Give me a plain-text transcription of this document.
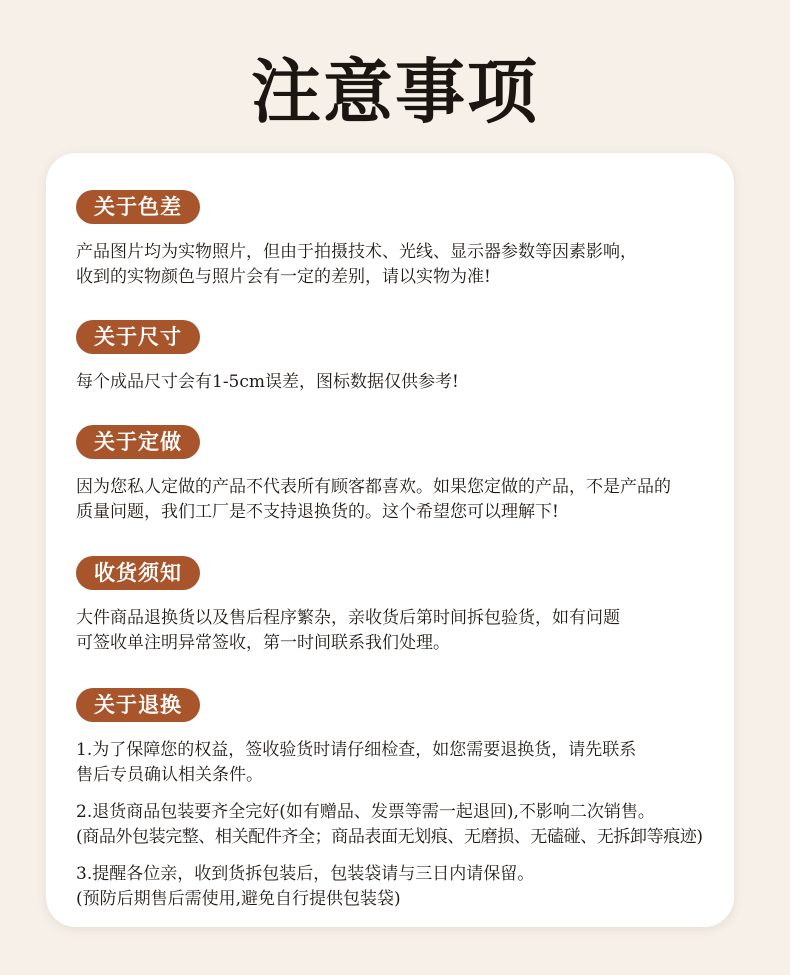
注意事项
关于色差
产品图片均为实物照片，但由于拍摄技术、光线、显示器参数等因素影响，
收到的实物颜色与照片会有一定的差别，请以实物为准!
关于尺寸
每个成品尺寸会有1-5cm误差，图标数据仅供参考!
关于定做
因为您私人定做的产品不代表所有顾客都喜欢。如果您定做的产品，不是产品的
质量问题，我们工厂是不支持退换货的。这个希望您可以理解下!
收货须知
大件商品退换货以及售后程序繁杂，亲收货后第时间拆包验货，如有问题
可签收单注明异常签收，第一时间联系我们处理。
关于退换
1.为了保障您的权益，签收验货时请仔细检查，如您需要退换货，请先联系
售后专员确认相关条件。
2.退货商品包装要齐全完好(如有赠品、发票等需一起退回),不影响二次销售。
(商品外包装完整、相关配件齐全；商品表面无划痕、无磨损、无磕碰、无拆卸等痕迹)
3.提醒各位亲，收到货拆包装后，包装袋请与三日内请保留。
(预防后期售后需使用,避免自行提供包装袋)
